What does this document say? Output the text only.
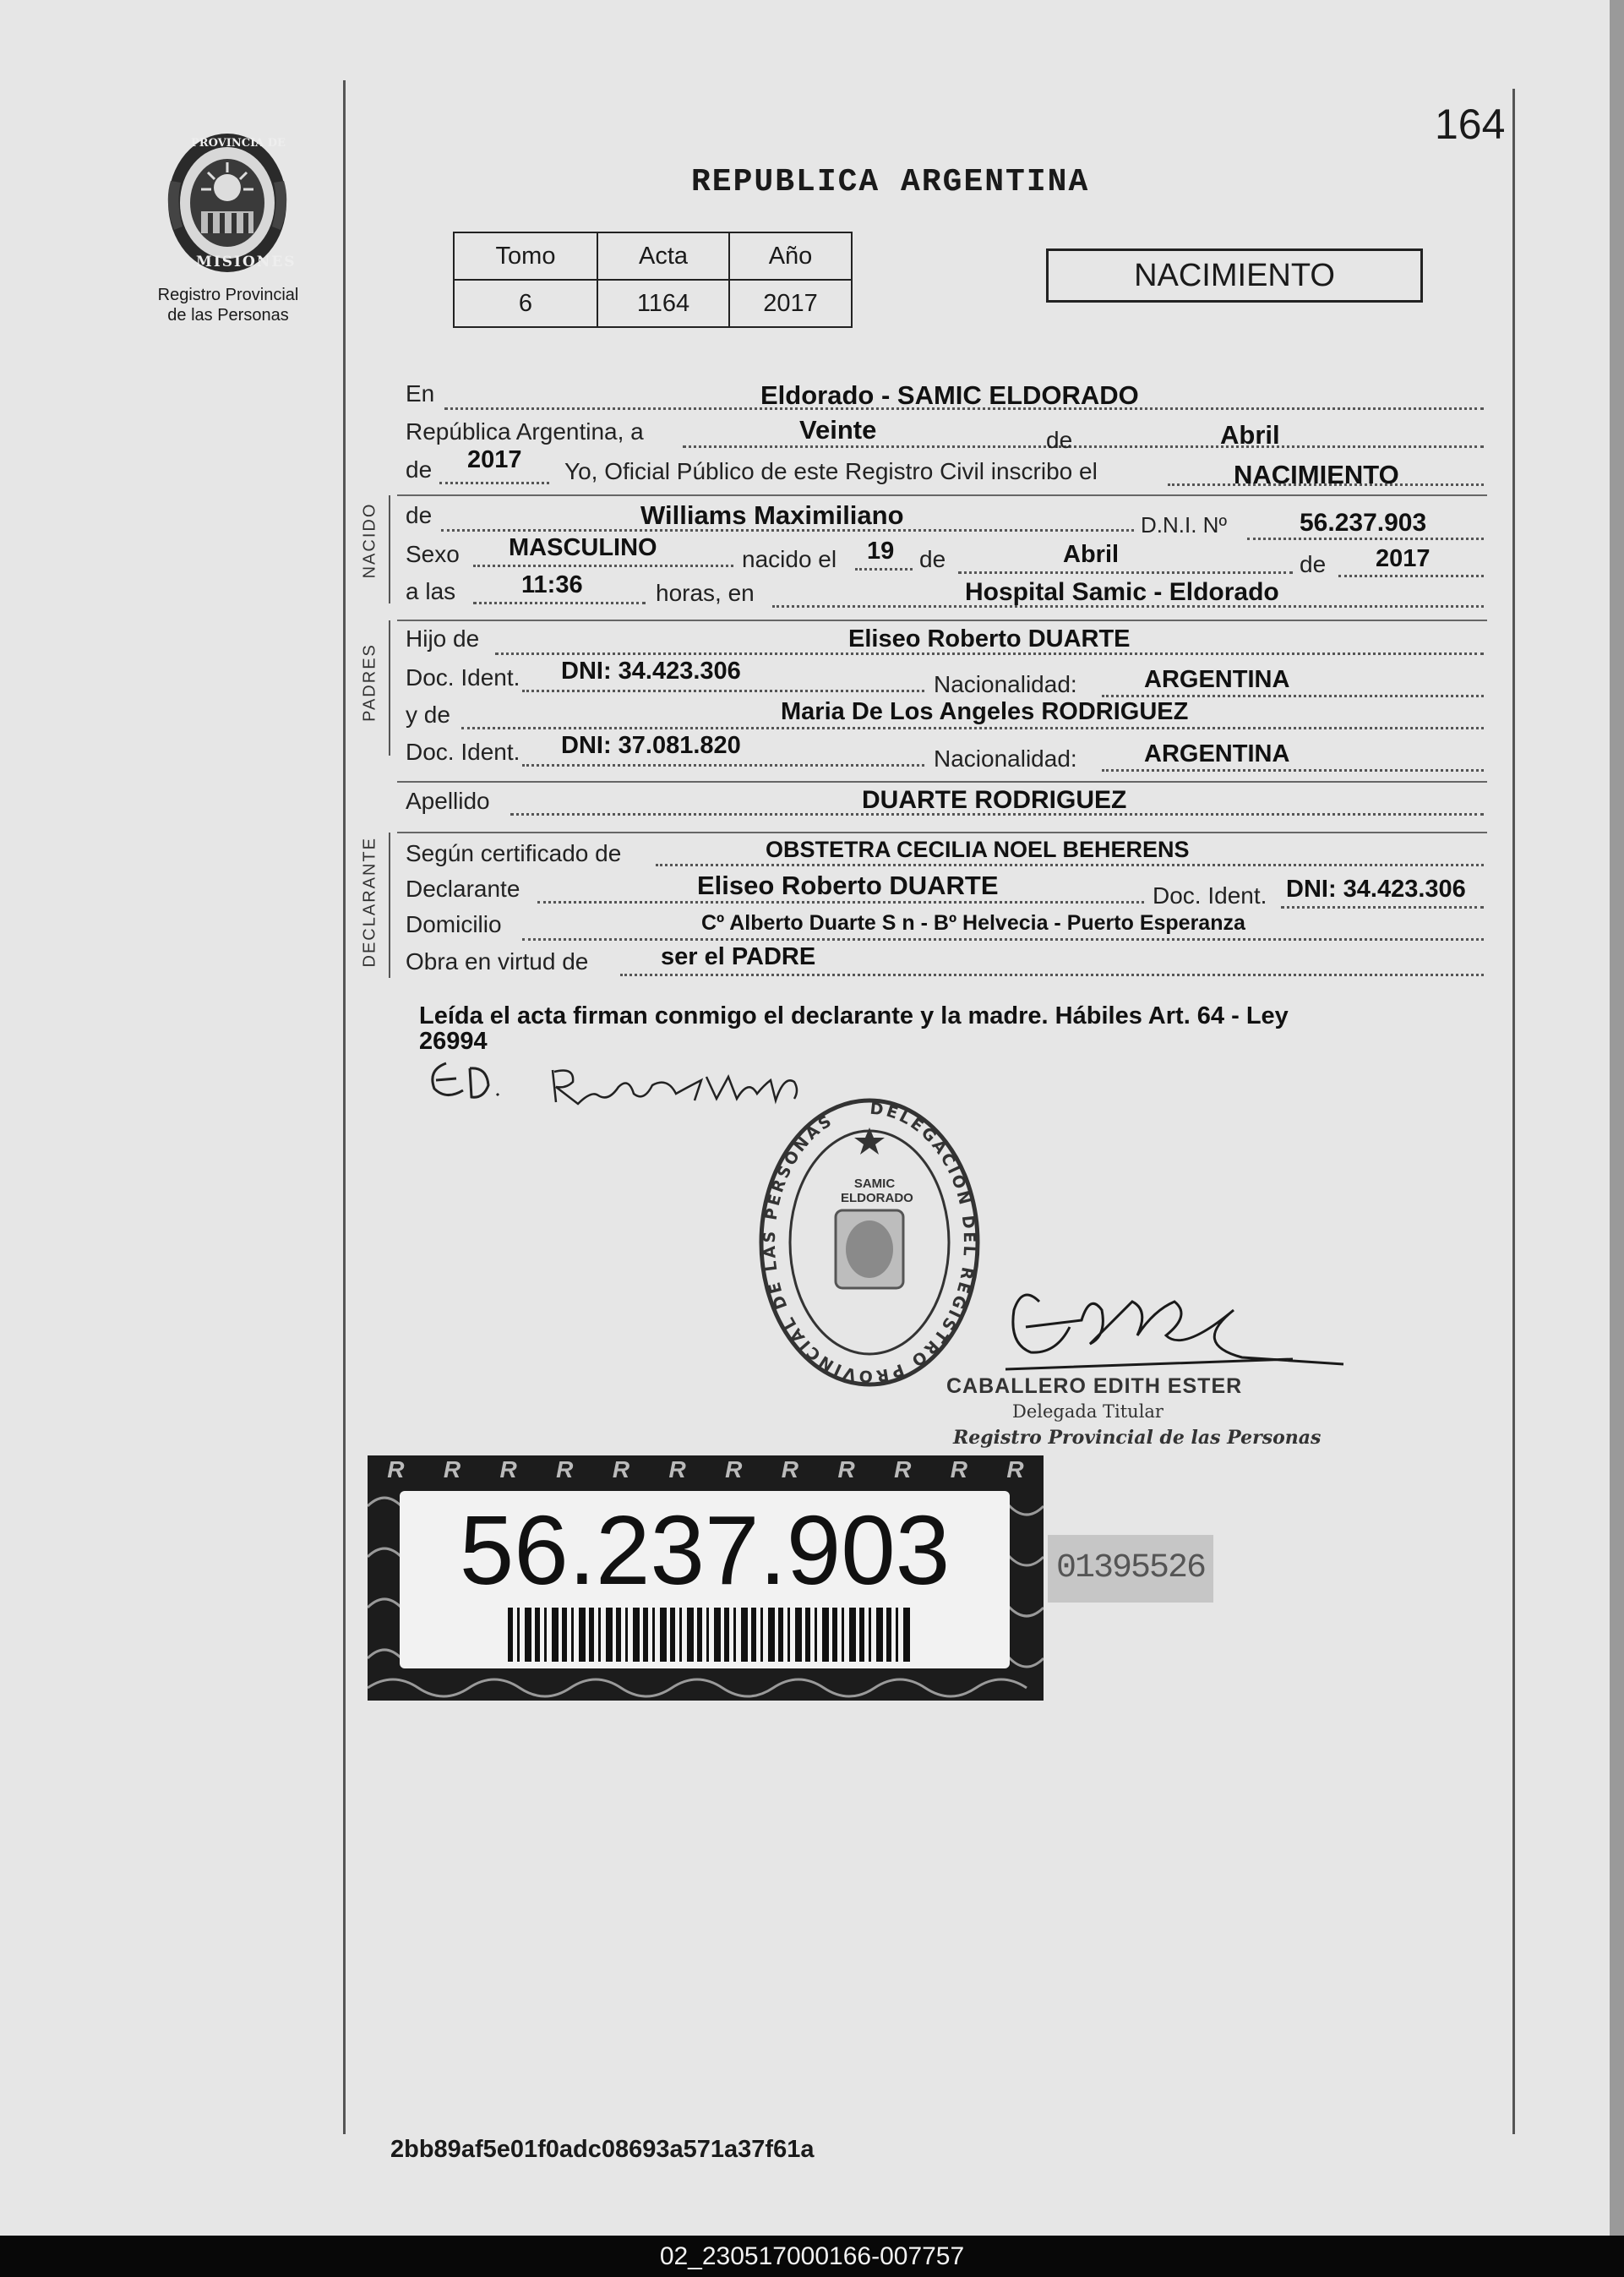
164
PROVINCIA DE
MISIONES
Registro Provincial
de las Personas
REPUBLICA ARGENTINA
Tomo	Acta	Año
6	1164	2017
NACIMIENTO
En	Eldorado - SAMIC ELDORADO
República Argentina, a	Veinte	de	Abril
de 2017 Yo, Oficial Público de este Registro Civil inscribo el	NACIMIENTO
NACIDO de	Williams Maximiliano	D.N.I. Nº	56.237.903
Sexo MASCULINO	nacido el 19 de	Abril	de 2017
a las	11:36	horas, en	Hospital Samic - Eldorado
PADRES
Hijo de	Eliseo Roberto DUARTE
Doc. Ident. DNI: 34.423.306	Nacionalidad:	ARGENTINA
y de	Maria De Los Angeles RODRIGUEZ
Doc. Ident. DNI: 37.081.820	Nacionalidad:	ARGENTINA
Apellido	DUARTE RODRIGUEZ
DECLARANTE Según certificado de	OBSTETRA CECILIA NOEL BEHERENS
Declarante	Eliseo Roberto DUARTE	Doc. Ident. DNI: 34.423.306
Domicilio	Cº Alberto Duarte S n - Bº Helvecia - Puerto Esperanza
Obra en virtud de	ser el PADRE
Leída el acta firman conmigo el declarante y la madre. Hábiles Art. 64 - Ley
26994
DELEGACION DEL REGISTRO PROVINCIAL DE LAS PERSONAS
SAMIC ELDORADO
CABALLERO EDITH ESTER
Delegada Titular
Registro Provincial de las Personas
R R R R R R R R R R R R
56.237.903	01395526
2bb89af5e01f0adc08693a571a37f61a
02_230517000166-007757
